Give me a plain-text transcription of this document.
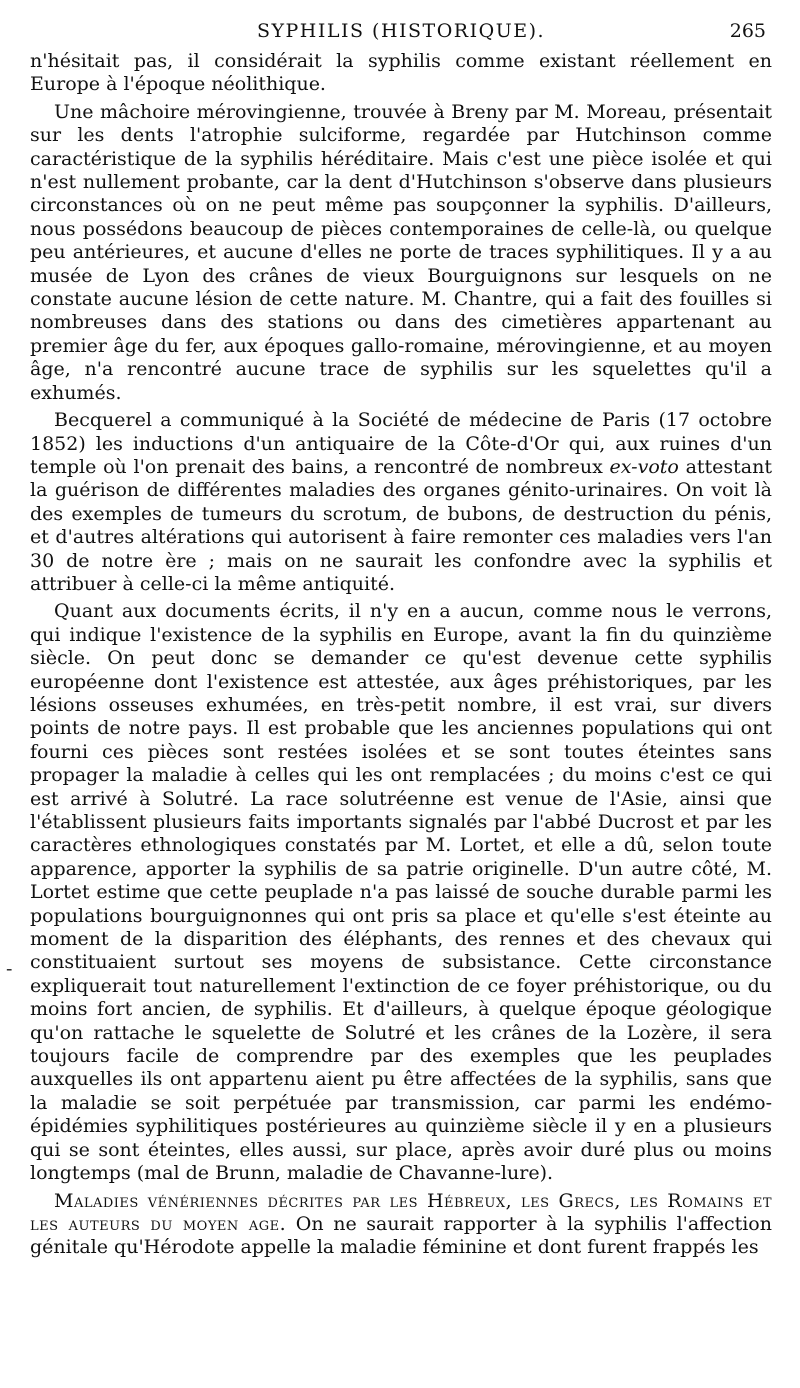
SYPHILIS (HISTORIQUE).	265

n'hésitait pas, il considérait la syphilis comme existant réellement en Europe à l'époque néolithique.

Une mâchoire mérovingienne, trouvée à Breny par M. Moreau, présentait sur les dents l'atrophie sulciforme, regardée par Hutchinson comme caractéristique de la syphilis héréditaire. Mais c'est une pièce isolée et qui n'est nullement probante, car la dent d'Hutchinson s'observe dans plusieurs circonstances où on ne peut même pas soupçonner la syphilis. D'ailleurs, nous possédons beaucoup de pièces contemporaines de celle-là, ou quelque peu antérieures, et aucune d'elles ne porte de traces syphilitiques. Il y a au musée de Lyon des crânes de vieux Bourguignons sur lesquels on ne constate aucune lésion de cette nature. M. Chantre, qui a fait des fouilles si nombreuses dans des stations ou dans des cimetières appartenant au premier âge du fer, aux époques gallo-romaine, mérovingienne, et au moyen âge, n'a rencontré aucune trace de syphilis sur les squelettes qu'il a exhumés.

Becquerel a communiqué à la Société de médecine de Paris (17 octobre 1852) les inductions d'un antiquaire de la Côte-d'Or qui, aux ruines d'un temple où l'on prenait des bains, a rencontré de nombreux ex-voto attestant la guérison de différentes maladies des organes génito-urinaires. On voit là des exemples de tumeurs du scrotum, de bubons, de destruction du pénis, et d'autres altérations qui autorisent à faire remonter ces maladies vers l'an 30 de notre ère ; mais on ne saurait les confondre avec la syphilis et attribuer à celle-ci la même antiquité.

Quant aux documents écrits, il n'y en a aucun, comme nous le verrons, qui indique l'existence de la syphilis en Europe, avant la fin du quinzième siècle. On peut donc se demander ce qu'est devenue cette syphilis européenne dont l'existence est attestée, aux âges préhistoriques, par les lésions osseuses exhumées, en très-petit nombre, il est vrai, sur divers points de notre pays. Il est probable que les anciennes populations qui ont fourni ces pièces sont restées isolées et se sont toutes éteintes sans propager la maladie à celles qui les ont remplacées ; du moins c'est ce qui est arrivé à Solutré. La race solutréenne est venue de l'Asie, ainsi que l'établissent plusieurs faits importants signalés par l'abbé Ducrost et par les caractères ethnologiques constatés par M. Lortet, et elle a dû, selon toute apparence, apporter la syphilis de sa patrie originelle. D'un autre côté, M. Lortet estime que cette peuplade n'a pas laissé de souche durable parmi les populations bourguignonnes qui ont pris sa place et qu'elle s'est éteinte au moment de la disparition des éléphants, des rennes et des chevaux qui constituaient surtout ses moyens de subsistance. Cette circonstance expliquerait tout naturellement l'extinction de ce foyer préhistorique, ou du moins fort ancien, de syphilis. Et d'ailleurs, à quelque époque géologique qu'on rattache le squelette de Solutré et les crânes de la Lozère, il sera toujours facile de comprendre par des exemples que les peuplades auxquelles ils ont appartenu aient pu être affectées de la syphilis, sans que la maladie se soit perpétuée par transmission, car parmi les endémo-épidémies syphilitiques postérieures au quinzième siècle il y en a plusieurs qui se sont éteintes, elles aussi, sur place, après avoir duré plus ou moins longtemps (mal de Brunn, maladie de Chavanne-lure).

Maladies vénériennes décrites par les Hébreux, les Grecs, les Romains et les auteurs du moyen age. On ne saurait rapporter à la syphilis l'affection génitale qu'Hérodote appelle la maladie féminine et dont furent frappés les

-
